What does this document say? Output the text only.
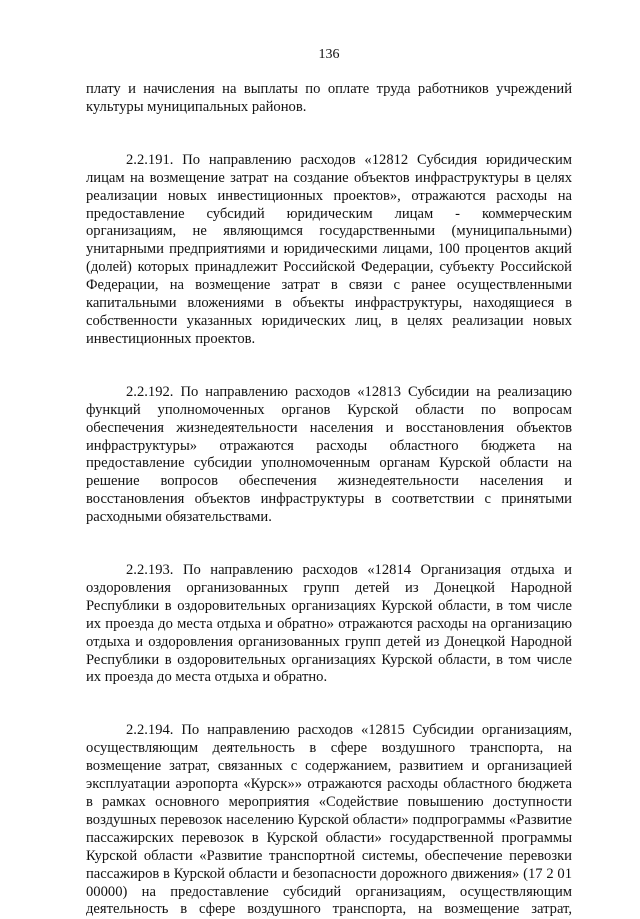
136

плату и начисления на выплаты по оплате труда работников учреждений культуры муниципальных районов.

2.2.191. По направлению расходов «12812 Субсидия юридическим лицам на возмещение затрат на создание объектов инфраструктуры в целях реализации новых инвестиционных проектов», отражаются расходы на предоставление субсидий юридическим лицам - коммерческим организациям, не являющимся государственными (муниципальными) унитарными предприятиями и юридическими лицами, 100 процентов акций (долей) которых принадлежит Российской Федерации, субъекту Российской Федерации, на возмещение затрат в связи с ранее осуществленными капитальными вложениями в объекты инфраструктуры, находящиеся в собственности указанных юридических лиц, в целях реализации новых инвестиционных проектов.

2.2.192. По направлению расходов «12813 Субсидии на реализацию функций уполномоченных органов Курской области по вопросам обеспечения жизнедеятельности населения и восстановления объектов инфраструктуры» отражаются расходы областного бюджета на предоставление субсидии уполномоченным органам Курской области на решение вопросов обеспечения жизнедеятельности населения и восстановления объектов инфраструктуры в соответствии с принятыми расходными обязательствами.

2.2.193. По направлению расходов «12814 Организация отдыха и оздоровления организованных групп детей из Донецкой Народной Республики в оздоровительных организациях Курской области, в том числе их проезда до места отдыха и обратно» отражаются расходы на организацию отдыха и оздоровления организованных групп детей из Донецкой Народной Республики в оздоровительных организациях Курской области, в том числе их проезда до места отдыха и обратно.

2.2.194. По направлению расходов «12815 Субсидии организациям, осуществляющим деятельность в сфере воздушного транспорта, на возмещение затрат, связанных с содержанием, развитием и организацией эксплуатации аэропорта «Курск»» отражаются расходы областного бюджета в рамках основного мероприятия «Содействие повышению доступности воздушных перевозок населению Курской области» подпрограммы «Развитие пассажирских перевозок в Курской области» государственной программы Курской области «Развитие транспортной системы, обеспечение перевозки пассажиров в Курской области и безопасности дорожного движения» (17 2 01 00000) на предоставление субсидий организациям, осуществляющим деятельность в сфере воздушного транспорта, на возмещение затрат,
